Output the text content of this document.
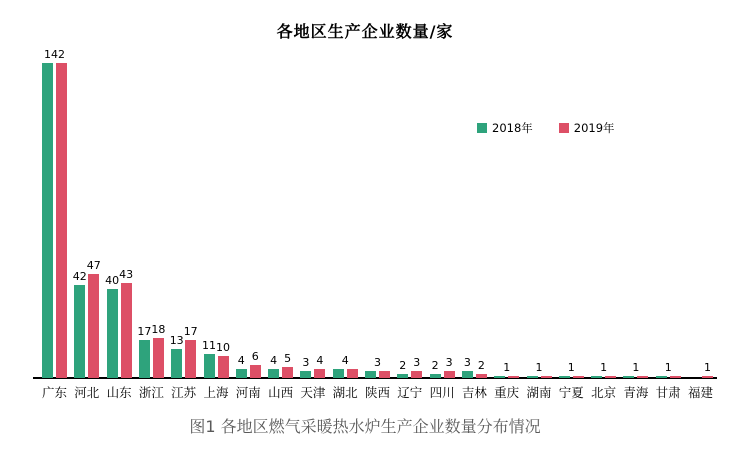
各地区生产企业数量/家
2018年	2019年
142
广东
42
47
河北
40
43
山东
17 18
浙江
13
17
江苏
11 10
上海
4 6
河南
4 5
山西
3 4
天津
4
湖北
3
陕西
2 3
辽宁
2 3
四川
3 2
吉林
1
重庆
1
湖南
1
宁夏
1
北京
1
青海
1
甘肃
1
福建
图1 各地区燃气采暖热水炉生产企业数量分布情况
